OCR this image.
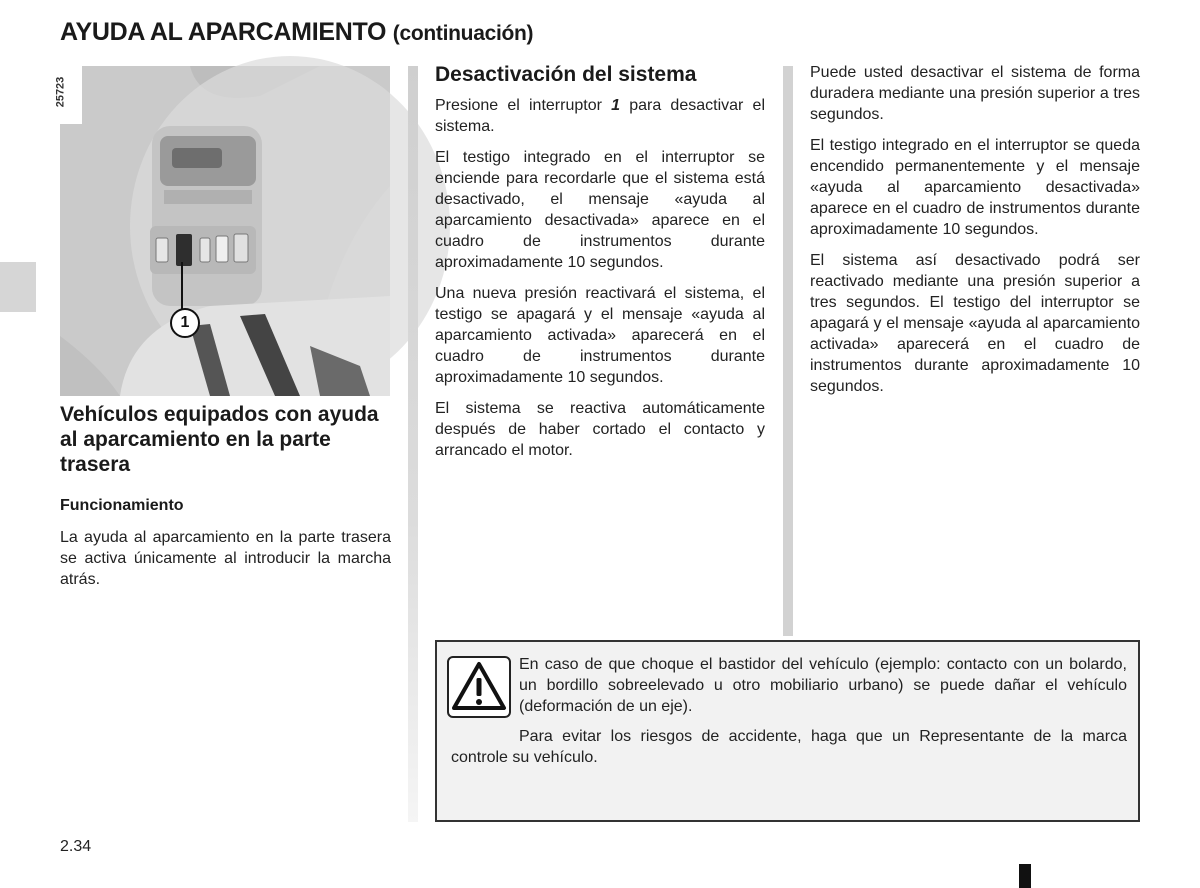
AYUDA AL APARCAMIENTO (continuación)
25723
1
Vehículos equipados con ayuda al aparcamiento en la parte trasera
Funcionamiento

La ayuda al aparcamiento en la parte trasera se activa únicamente al introducir la marcha atrás.

Desactivación del sistema

Presione el interruptor 1 para desactivar el sistema.

El testigo integrado en el interruptor se enciende para recordarle que el sistema está desactivado, el mensaje «ayuda al aparcamiento desactivada» aparece en el cuadro de instrumentos durante aproximadamente 10 segundos.

Una nueva presión reactivará el sistema, el testigo se apagará y el mensaje «ayuda al aparcamiento activada» aparecerá en el cuadro de instrumentos durante aproximadamente 10 segundos.

El sistema se reactiva automáticamente después de haber cortado el contacto y arrancado el motor.

Puede usted desactivar el sistema de forma duradera mediante una presión superior a tres segundos.

El testigo integrado en el interruptor se queda encendido permanentemente y el mensaje «ayuda al aparcamiento desactivada» aparece en el cuadro de instrumentos durante aproximadamente 10 segundos.

El sistema así desactivado podrá ser reactivado mediante una presión superior a tres segundos. El testigo del interruptor se apagará y el mensaje «ayuda al aparcamiento activada» aparecerá en el cuadro de instrumentos durante aproximadamente 10 segundos.

En caso de que choque el bastidor del vehículo (ejemplo: contacto con un bolardo, un bordillo sobreelevado u otro mobiliario urbano) se puede dañar el vehículo (deformación de un eje).

Para evitar los riesgos de accidente, haga que un Representante de la marca controle su vehículo.

2.34
